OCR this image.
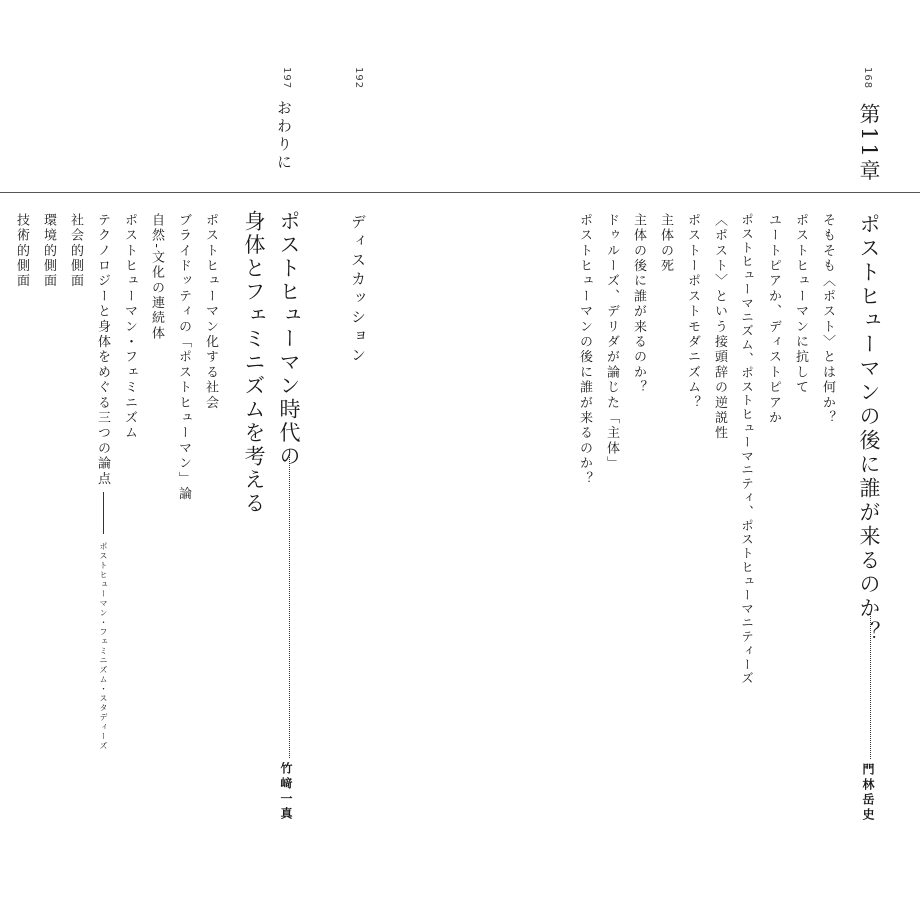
168
第11章
192
197
おわりに
ポストヒューマンの後に誰が来るのか？
門林岳史
そもそも〈ポスト〉とは何か？
ポストヒューマンに抗して
ユートピアか、ディストピアか
ポストヒューマニズム、ポストヒューマニティ、ポストヒューマニティーズ
〈ポスト〉という接頭辞の逆説性
ポストーポストモダニズム？
主体の死
主体の後に誰が来るのか？
ドゥルーズ、デリダが論じた「主体」
ポストヒューマンの後に誰が来るのか？
ディスカッション
ポストヒューマン時代の
竹﨑一真
身体とフェミニズムを考える
ポストヒューマン化する社会
ブライドッティの「ポストヒューマン」論
自然-文化の連続体
ポストヒューマン・フェミニズム
テクノロジーと身体をめぐる三つの論点
ポストヒューマン・フェミニズム・スタディーズ
社会的側面
環境的側面
技術的側面
